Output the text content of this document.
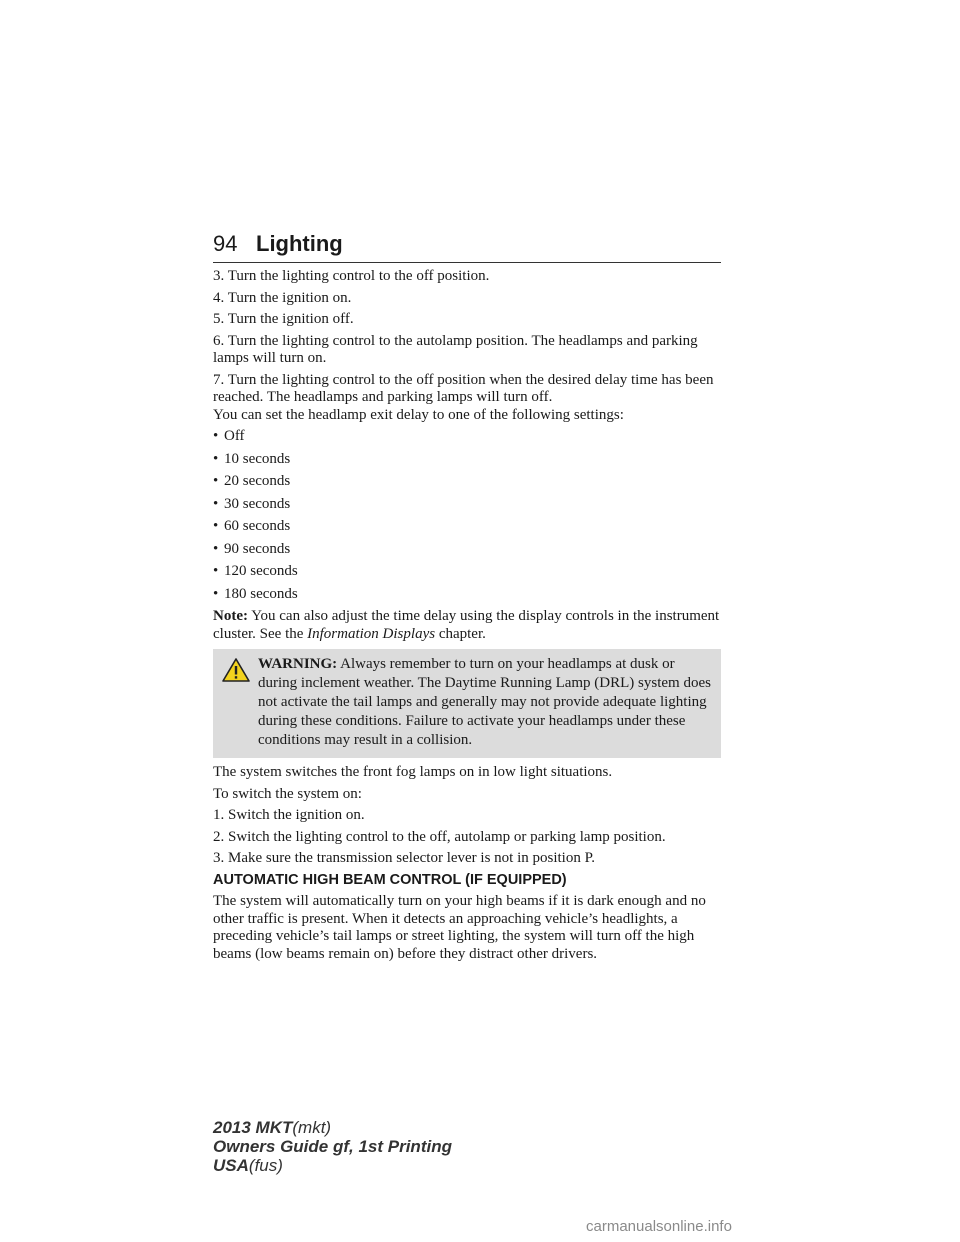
94 Lighting

3. Turn the lighting control to the off position.

4. Turn the ignition on.

5. Turn the ignition off.

6. Turn the lighting control to the autolamp position. The headlamps and parking lamps will turn on.

7. Turn the lighting control to the off position when the desired delay time has been reached. The headlamps and parking lamps will turn off.

You can set the headlamp exit delay to one of the following settings:

• Off
• 10 seconds
• 20 seconds
• 30 seconds
• 60 seconds
• 90 seconds
• 120 seconds
• 180 seconds

Note: You can also adjust the time delay using the display controls in the instrument cluster. See the Information Displays chapter.

WARNING: Always remember to turn on your headlamps at dusk or during inclement weather. The Daytime Running Lamp (DRL) system does not activate the tail lamps and generally may not provide adequate lighting during these conditions. Failure to activate your headlamps under these conditions may result in a collision.

The system switches the front fog lamps on in low light situations.

To switch the system on:

1. Switch the ignition on.

2. Switch the lighting control to the off, autolamp or parking lamp position.

3. Make sure the transmission selector lever is not in position P.

AUTOMATIC HIGH BEAM CONTROL (IF EQUIPPED)

The system will automatically turn on your high beams if it is dark enough and no other traffic is present. When it detects an approaching vehicle’s headlights, a preceding vehicle’s tail lamps or street lighting, the system will turn off the high beams (low beams remain on) before they distract other drivers.

2013 MKT(mkt)
Owners Guide gf, 1st Printing
USA(fus)
carmanualsonline.info
